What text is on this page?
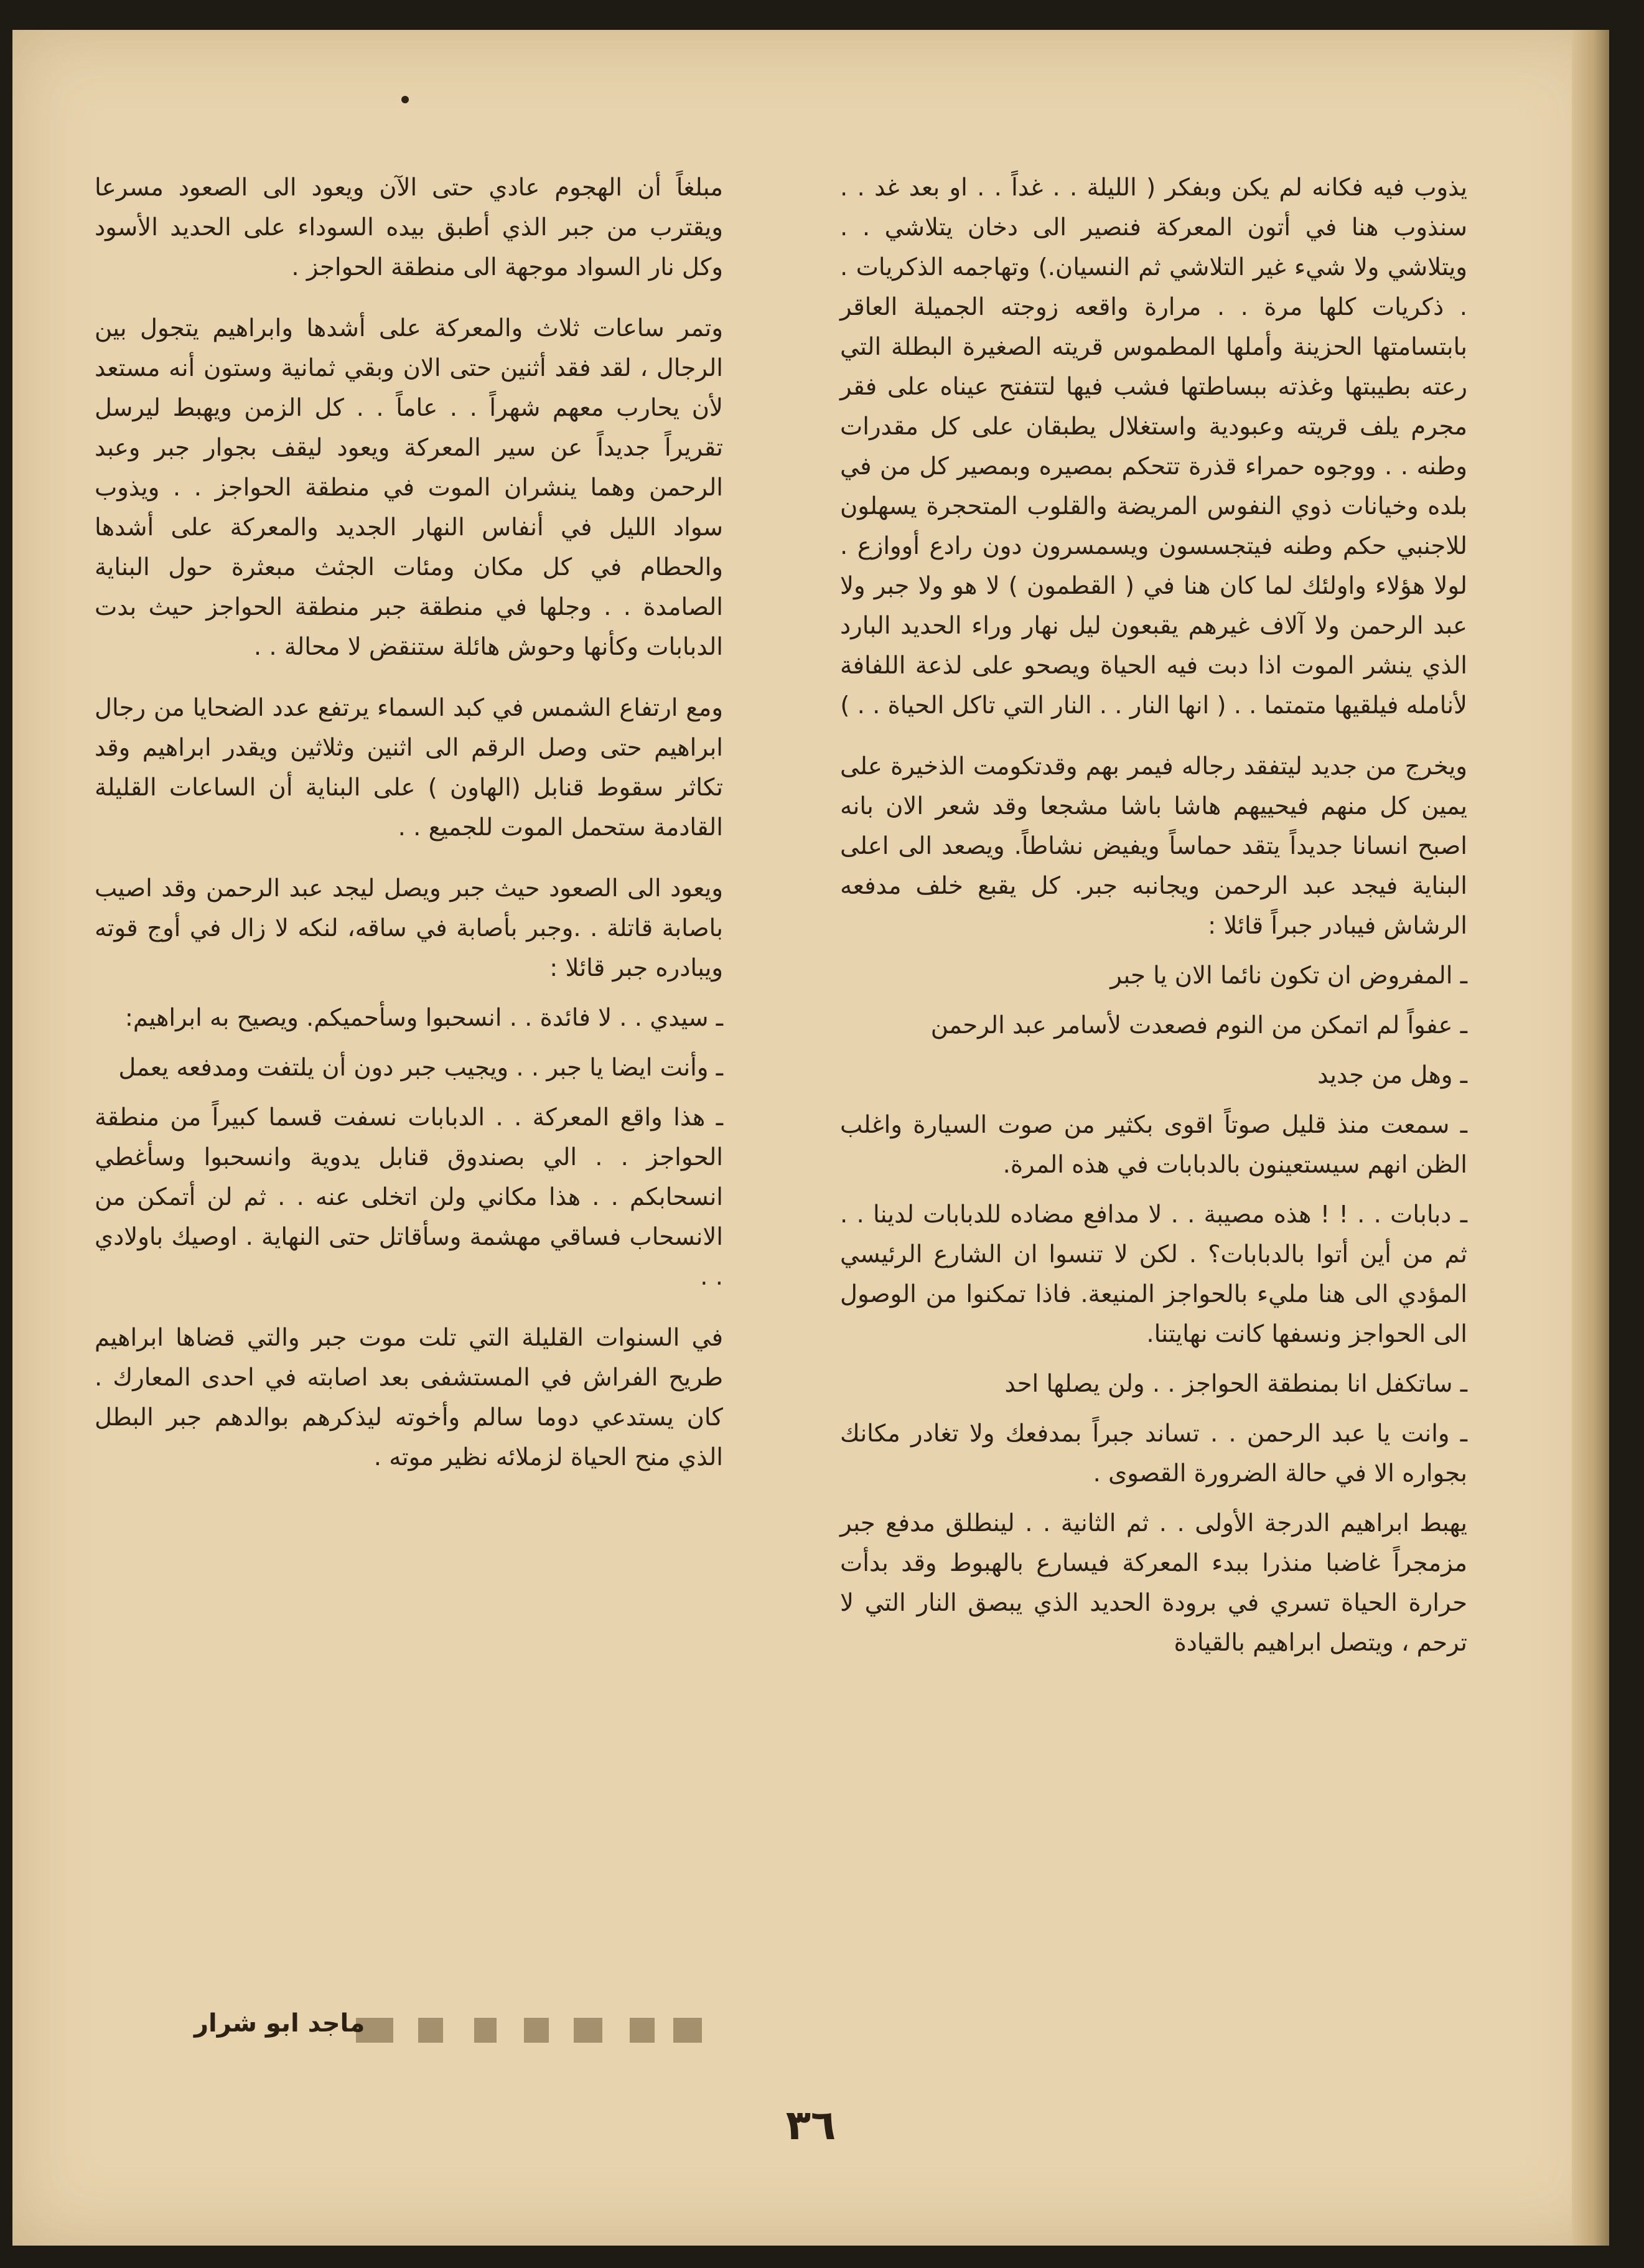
يذوب فيه فكانه لم يكن وبفكر ( الليلة . . غداً . . او بعد غد . . سنذوب هنا في أتون المعركة فنصير الى دخان يتلاشي . . ويتلاشي ولا شيء غير التلاشي ثم النسيان.) وتهاجمه الذكريات . . ذكريات كلها مرة . . مرارة واقعه زوجته الجميلة العاقر بابتسامتها الحزينة وأملها المطموس قريته الصغيرة البطلة التي رعته بطيبتها وغذته ببساطتها فشب فيها لتتفتح عيناه على فقر مجرم يلف قريته وعبودية واستغلال يطبقان على كل مقدرات وطنه . . ووجوه حمراء قذرة تتحكم بمصيره وبمصير كل من في بلده وخيانات ذوي النفوس المريضة والقلوب المتحجرة يسهلون للاجنبي حكم وطنه فيتجسسون ويسمسرون دون رادع أووازع . لولا هؤلاء واولئك لما كان هنا في ( القطمون ) لا هو ولا جبر ولا عبد الرحمن ولا آلاف غيرهم يقبعون ليل نهار وراء الحديد البارد الذي ينشر الموت اذا دبت فيه الحياة ويصحو على لذعة اللفافة لأنامله فيلقيها متمتما . . ( انها النار . . النار التي تاكل الحياة . . )

ويخرج من جديد ليتفقد رجاله فيمر بهم وقدتكومت الذخيرة على يمين كل منهم فيحييهم هاشا باشا مشجعا وقد شعر الان بانه اصبح انسانا جديداً يتقد حماساً ويفيض نشاطاً. ويصعد الى اعلى البناية فيجد عبد الرحمن ويجانبه جبر. كل يقبع خلف مدفعه الرشاش فيبادر جبراً قائلا :

ـ المفروض ان تكون نائما الان يا جبر

ـ عفواً لم اتمكن من النوم فصعدت لأسامر عبد الرحمن

ـ وهل من جديد

ـ سمعت منذ قليل صوتاً اقوى بكثير من صوت السيارة واغلب الظن انهم سيستعينون بالدبابات في هذه المرة.

ـ دبابات . . ! ! هذه مصيبة . . لا مدافع مضاده للدبابات لدينا . . ثم من أين أتوا بالدبابات؟ . لكن لا تنسوا ان الشارع الرئيسي المؤدي الى هنا مليء بالحواجز المنيعة. فاذا تمكنوا من الوصول الى الحواجز ونسفها كانت نهايتنا.

ـ ساتكفل انا بمنطقة الحواجز . . ولن يصلها احد

ـ وانت يا عبد الرحمن . . تساند جبراً بمدفعك ولا تغادر مكانك بجواره الا في حالة الضرورة القصوى .

يهبط ابراهيم الدرجة الأولى . . ثم الثانية . . لينطلق مدفع جبر مزمجراً غاضبا منذرا ببدء المعركة فيسارع بالهبوط وقد بدأت حرارة الحياة تسري في برودة الحديد الذي يبصق النار التي لا ترحم ، ويتصل ابراهيم بالقيادة

مبلغاً أن الهجوم عادي حتى الآن ويعود الى الصعود مسرعا ويقترب من جبر الذي أطبق بيده السوداء على الحديد الأسود وكل نار السواد موجهة الى منطقة الحواجز .

وتمر ساعات ثلاث والمعركة على أشدها وابراهيم يتجول بين الرجال ، لقد فقد أثنين حتى الان وبقي ثمانية وستون أنه مستعد لأن يحارب معهم شهراً . . عاماً . . كل الزمن ويهبط ليرسل تقريراً جديداً عن سير المعركة ويعود ليقف بجوار جبر وعبد الرحمن وهما ينشران الموت في منطقة الحواجز . . ويذوب سواد الليل في أنفاس النهار الجديد والمعركة على أشدها والحطام في كل مكان ومئات الجثث مبعثرة حول البناية الصامدة . . وجلها في منطقة جبر منطقة الحواجز حيث بدت الدبابات وكأنها وحوش هائلة ستنقض لا محالة . .

ومع ارتفاع الشمس في كبد السماء يرتفع عدد الضحايا من رجال ابراهيم حتى وصل الرقم الى اثنين وثلاثين ويقدر ابراهيم وقد تكاثر سقوط قنابل (الهاون ) على البناية أن الساعات القليلة القادمة ستحمل الموت للجميع . .

ويعود الى الصعود حيث جبر ويصل ليجد عبد الرحمن وقد اصيب باصابة قاتلة . .وجبر بأصابة في ساقه، لنكه لا زال في أوج قوته ويبادره جبر قائلا :

ـ سيدي . . لا فائدة . . انسحبوا وسأحميكم. ويصيح به ابراهيم:

ـ وأنت ايضا يا جبر . . ويجيب جبر دون أن يلتفت ومدفعه يعمل

ـ هذا واقع المعركة . . الدبابات نسفت قسما كبيراً من منطقة الحواجز . . الي بصندوق قنابل يدوية وانسحبوا وسأغطي انسحابكم . . هذا مكاني ولن اتخلى عنه . . ثم لن أتمكن من الانسحاب فساقي مهشمة وسأقاتل حتى النهاية . اوصيك باولادي . .

في السنوات القليلة التي تلت موت جبر والتي قضاها ابراهيم طريح الفراش في المستشفى بعد اصابته في احدى المعارك . كان يستدعي دوما سالم وأخوته ليذكرهم بوالدهم جبر البطل الذي منح الحياة لزملائه نظير موته .

ماجد ابو شرار
٣٦
